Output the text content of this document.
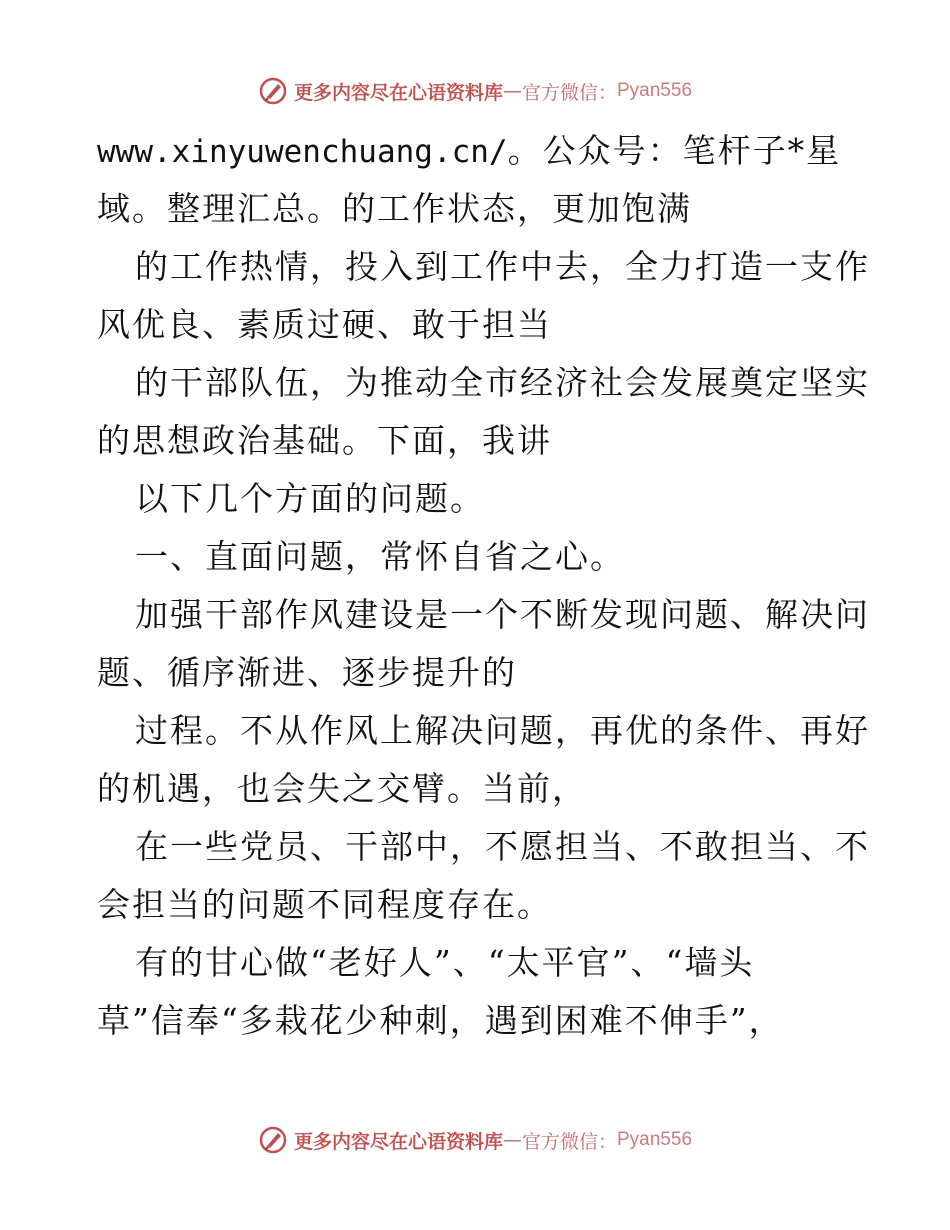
更多内容尽在心语资料库 — 官方微信： Pyan556
www.xinyuwenchuang.cn/。公众号：笔杆子*星
域。整理汇总。的工作状态，更加饱满
的工作热情，投入到工作中去，全力打造一支作
风优良、素质过硬、敢于担当
的干部队伍，为推动全市经济社会发展奠定坚实
的思想政治基础。下面，我讲
以下几个方面的问题。
一、直面问题，常怀自省之心。
加强干部作风建设是一个不断发现问题、解决问
题、循序渐进、逐步提升的
过程。不从作风上解决问题，再优的条件、再好
的机遇，也会失之交臂。当前，
在一些党员、干部中，不愿担当、不敢担当、不
会担当的问题不同程度存在。
有的甘心做“老好人”、“太平官”、“墙头
草”信奉“多栽花少种刺，遇到困难不伸手”，
更多内容尽在心语资料库 — 官方微信： Pyan556
